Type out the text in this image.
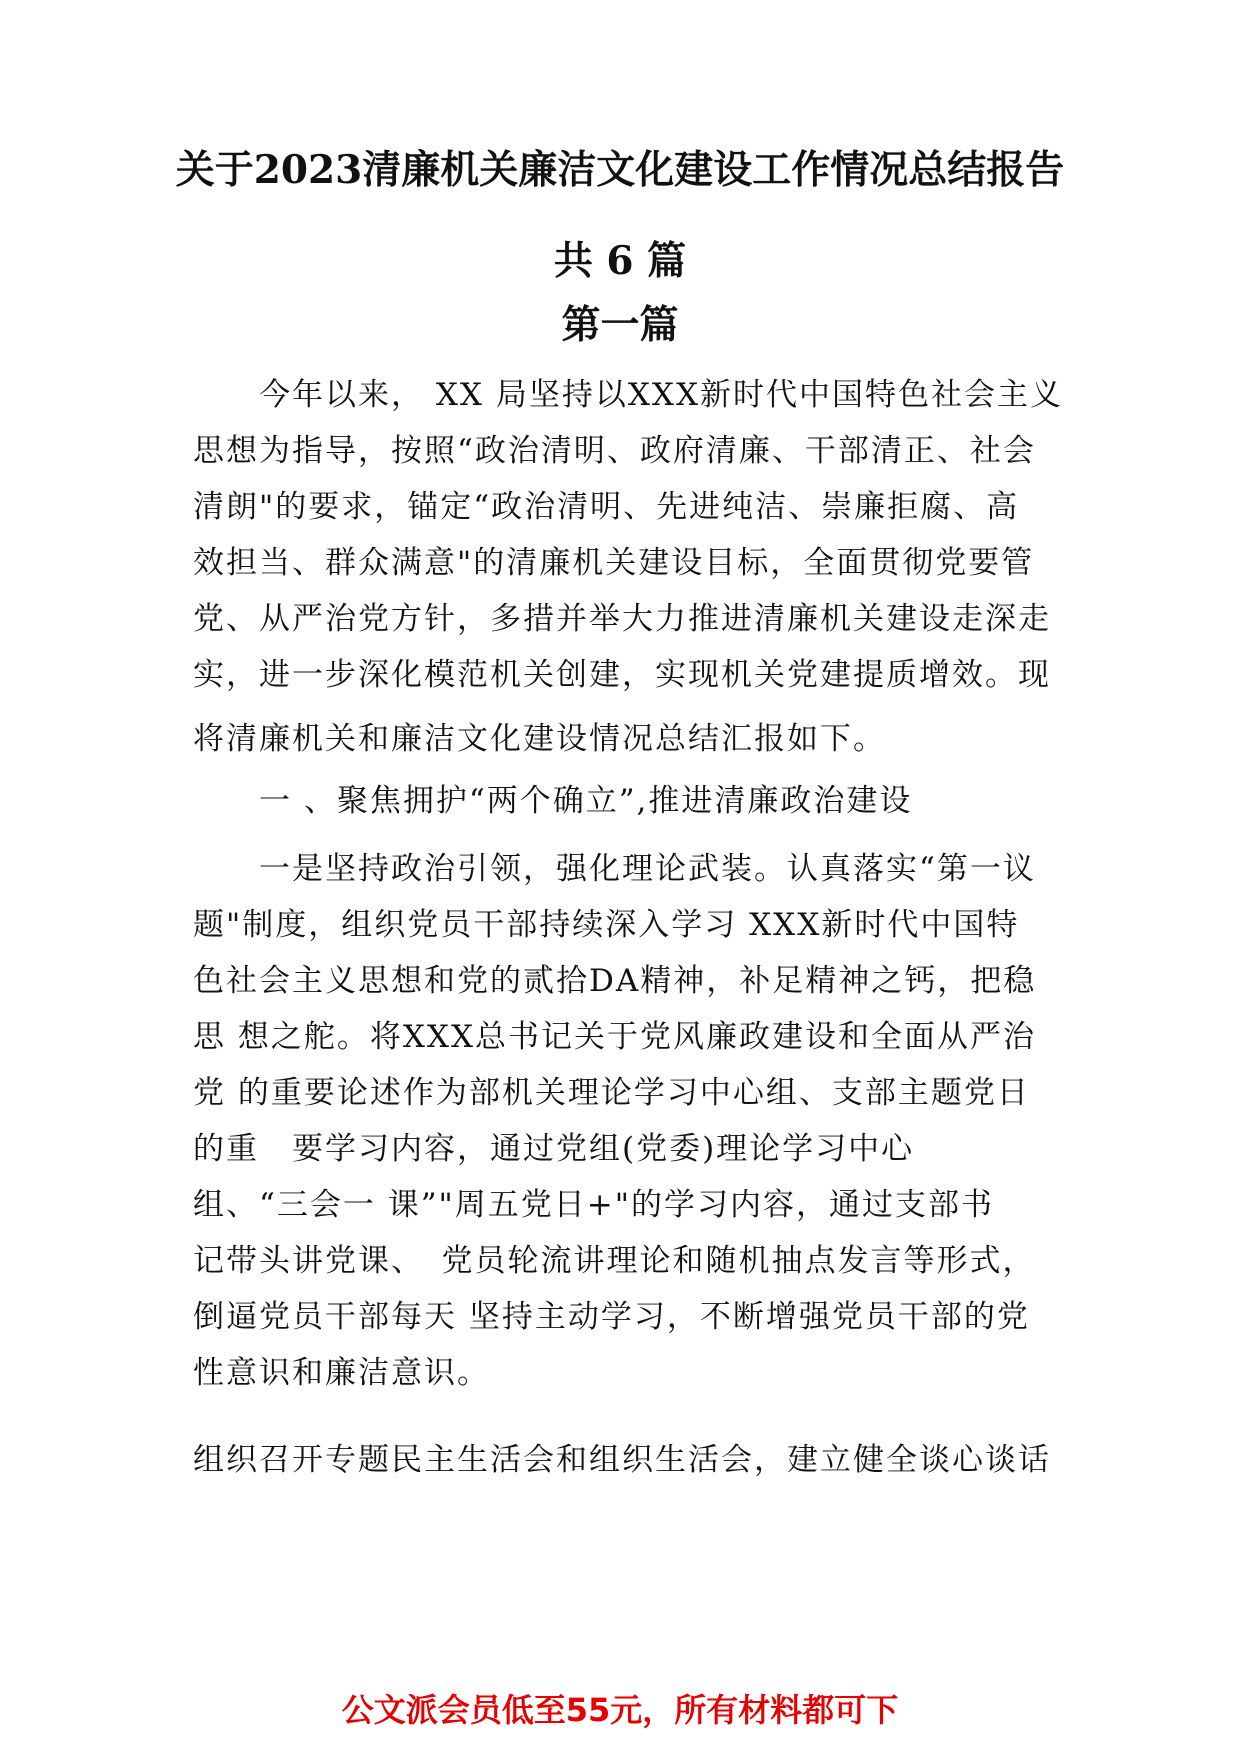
关于2023清廉机关廉洁文化建设工作情况总结报告
共 6 篇
第一篇
　　今年以来， XX 局坚持以XXX新时代中国特色社会主义
思想为指导，按照“政治清明、政府清廉、干部清正、社会
清朗"的要求，锚定“政治清明、先进纯洁、崇廉拒腐、高
效担当、群众满意"的清廉机关建设目标，全面贯彻党要管
党、从严治党方针，多措并举大力推进清廉机关建设走深走
实，进一步深化模范机关创建，实现机关党建提质增效。现
将清廉机关和廉洁文化建设情况总结汇报如下。
　　一 、聚焦拥护“两个确立”,推进清廉政治建设
　　一是坚持政治引领，强化理论武装。认真落实“第一议
题"制度，组织党员干部持续深入学习 XXX新时代中国特
色社会主义思想和党的贰拾DA精神，补足精神之钙，把稳
思 想之舵。将XXX总书记关于党风廉政建设和全面从严治
党 的重要论述作为部机关理论学习中心组、支部主题党日
的重　要学习内容，通过党组(党委)理论学习中心
组、“三会一 课”"周五党日+"的学习内容，通过支部书
记带头讲党课、　党员轮流讲理论和随机抽点发言等形式，
倒逼党员干部每天 坚持主动学习，不断增强党员干部的党
性意识和廉洁意识。
组织召开专题民主生活会和组织生活会，建立健全谈心谈话
公文派会员低至55元，所有材料都可下
